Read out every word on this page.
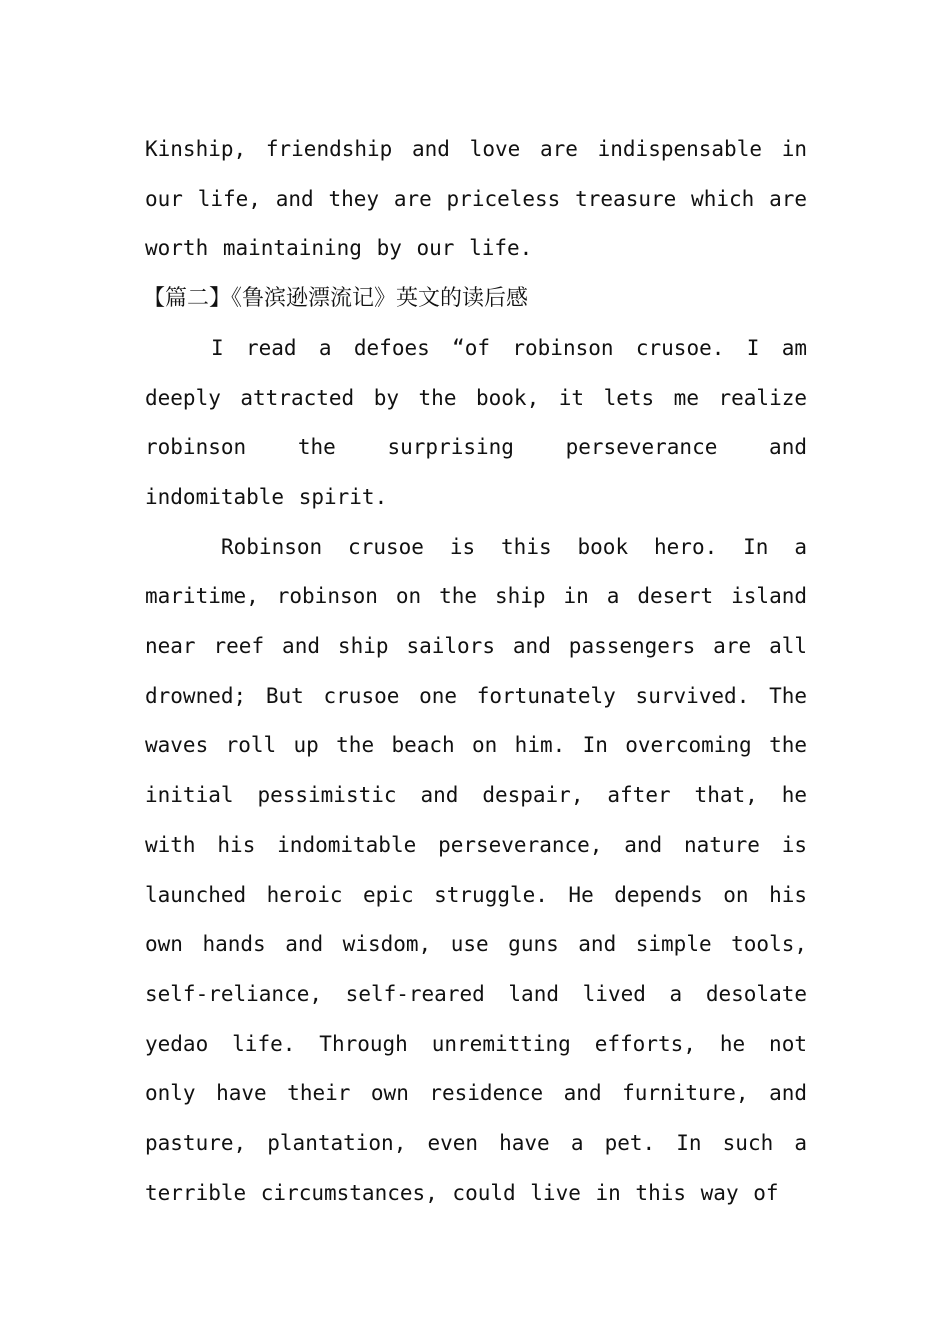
Kinship, friendship and love are indispensable in our life, and they are priceless treasure which are worth maintaining by our life.

【篇二】《鲁滨逊漂流记》英文的读后感

I read a defoes “of robinson crusoe. I am deeply attracted by the book, it lets me realize robinson the surprising perseverance and indomitable spirit.

Robinson crusoe is this book hero. In a maritime, robinson on the ship in a desert island near reef and ship sailors and passengers are all drowned; But crusoe one fortunately survived. The waves roll up the beach on him. In overcoming the initial pessimistic and despair, after that, he with his indomitable perseverance, and nature is launched heroic epic struggle. He depends on his own hands and wisdom, use guns and simple tools, self-reliance, self-reared land lived a desolate yedao life. Through unremitting efforts, he not only have their own residence and furniture, and pasture, plantation, even have a pet. In such a terrible circumstances, could live in this way of
